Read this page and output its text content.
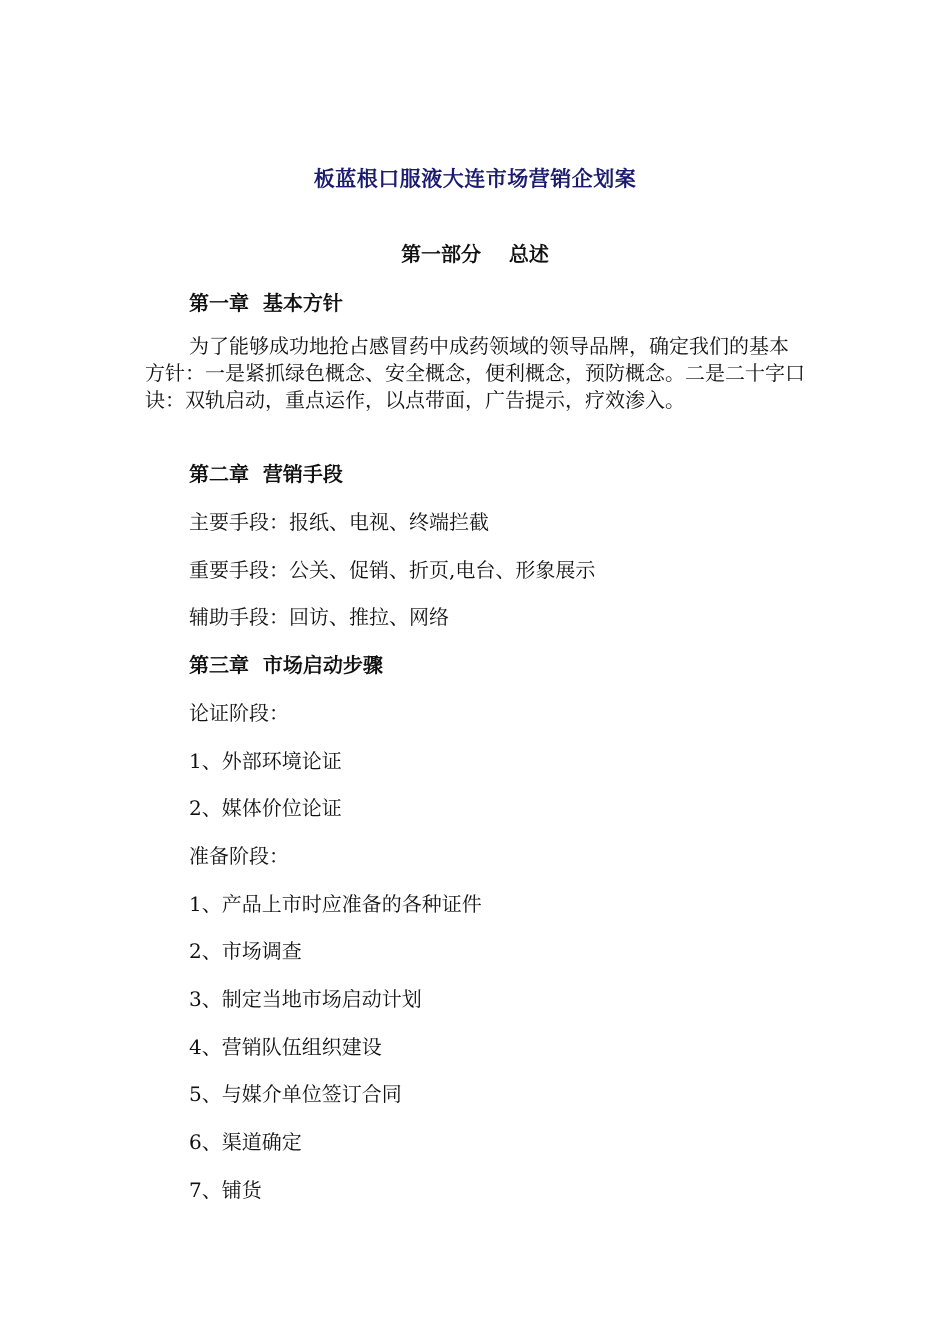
板蓝根口服液大连市场营销企划案
第一部分    总述
第一章  基本方针
为了能够成功地抢占感冒药中成药领域的领导品牌，确定我们的基本方针：一是紧抓绿色概念、安全概念，便利概念，预防概念。二是二十字口诀：双轨启动，重点运作，以点带面，广告提示，疗效渗入。
第二章  营销手段
主要手段：报纸、电视、终端拦截
重要手段：公关、促销、折页,电台、形象展示
辅助手段：回访、推拉、网络
第三章  市场启动步骤
论证阶段：
1、外部环境论证
2、媒体价位论证
准备阶段：
1、产品上市时应准备的各种证件
2、市场调查
3、制定当地市场启动计划
4、营销队伍组织建设
5、与媒介单位签订合同
6、渠道确定
7、铺货
